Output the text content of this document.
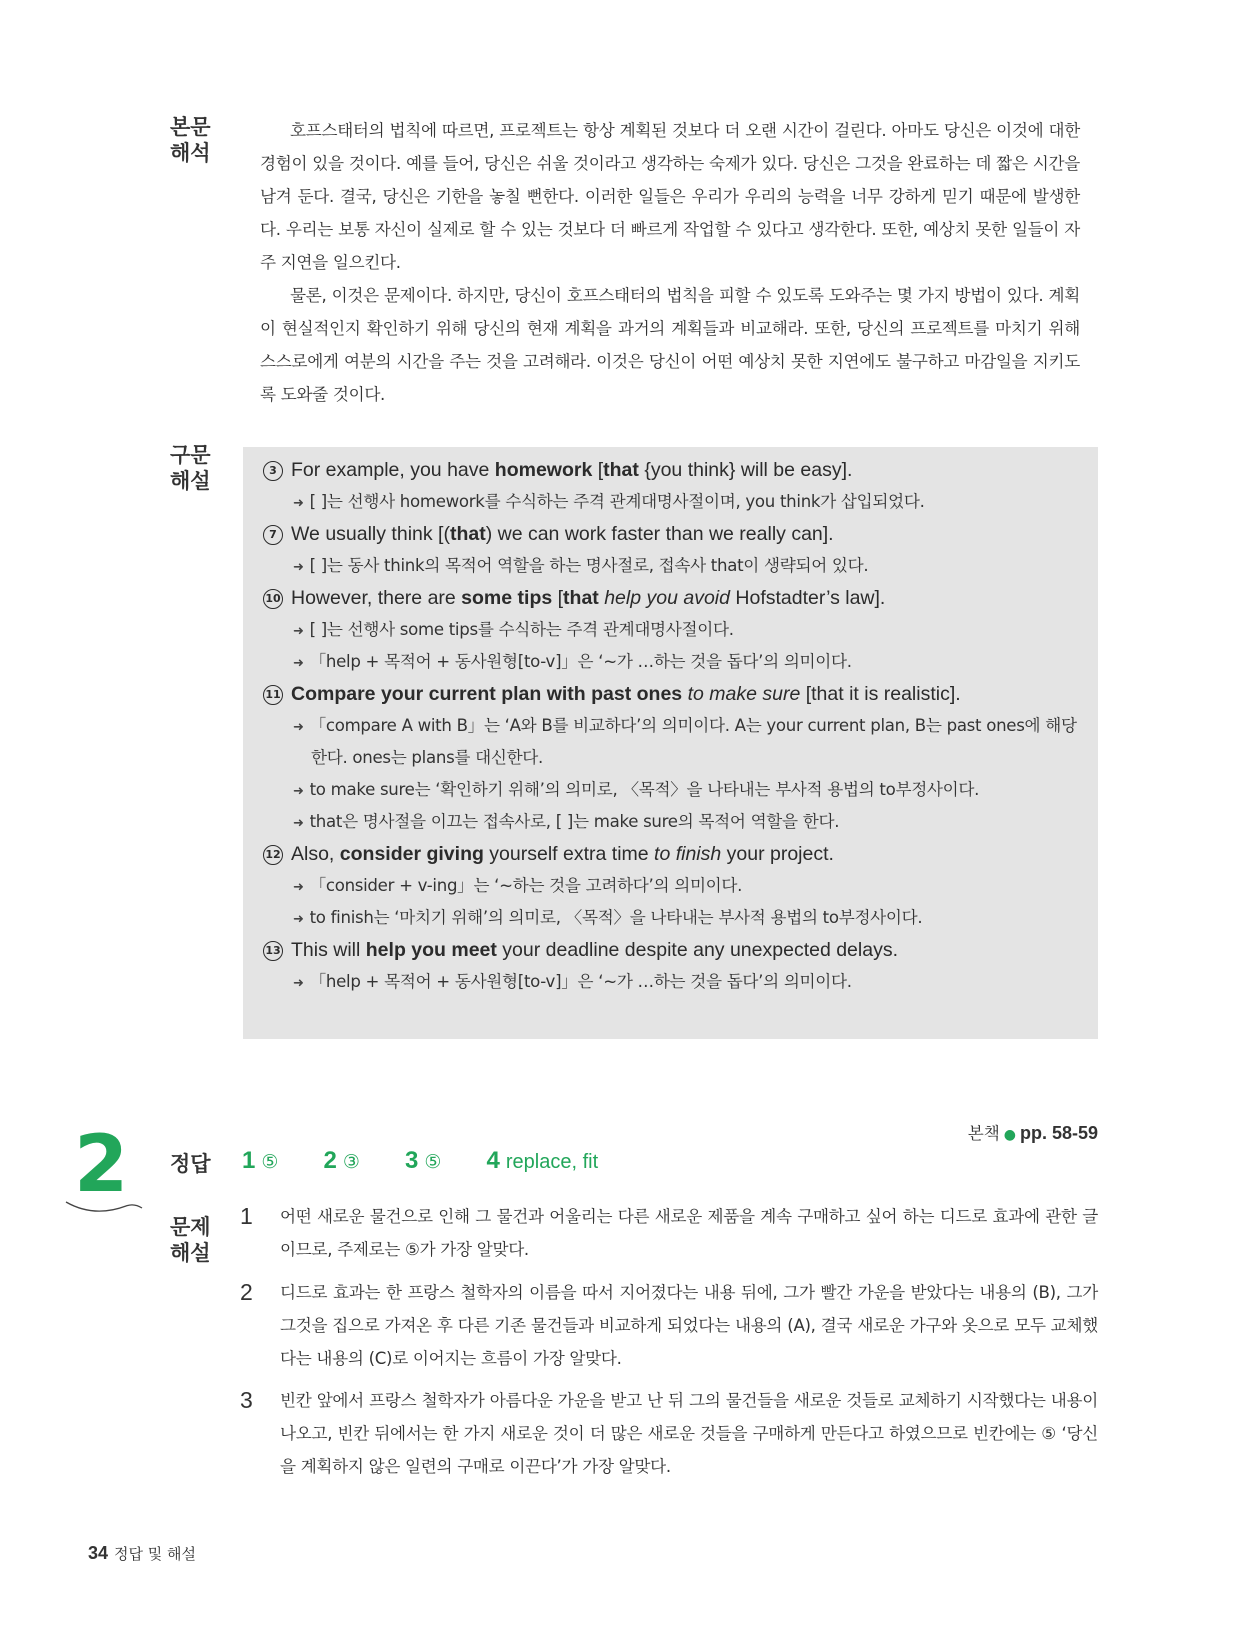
본문
해석

호프스태터의 법칙에 따르면, 프로젝트는 항상 계획된 것보다 더 오랜 시간이 걸린다. 아마도 당신은 이것에 대한 경험이 있을 것이다. 예를 들어, 당신은 쉬울 것이라고 생각하는 숙제가 있다. 당신은 그것을 완료하는 데 짧은 시간을 남겨 둔다. 결국, 당신은 기한을 놓칠 뻔한다. 이러한 일들은 우리가 우리의 능력을 너무 강하게 믿기 때문에 발생한다. 우리는 보통 자신이 실제로 할 수 있는 것보다 더 빠르게 작업할 수 있다고 생각한다. 또한, 예상치 못한 일들이 자주 지연을 일으킨다.

물론, 이것은 문제이다. 하지만, 당신이 호프스태터의 법칙을 피할 수 있도록 도와주는 몇 가지 방법이 있다. 계획이 현실적인지 확인하기 위해 당신의 현재 계획을 과거의 계획들과 비교해라. 또한, 당신의 프로젝트를 마치기 위해 스스로에게 여분의 시간을 주는 것을 고려해라. 이것은 당신이 어떤 예상치 못한 지연에도 불구하고 마감일을 지키도록 도와줄 것이다.

구문
해설	3 For example, you have homework [that {you think} will be easy].
➜ [ ]는 선행사 homework를 수식하는 주격 관계대명사절이며, you think가 삽입되었다.
7 We usually think [(that) we can work faster than we really can].
➜ [ ]는 동사 think의 목적어 역할을 하는 명사절로, 접속사 that이 생략되어 있다.
10 However, there are some tips [that help you avoid Hofstadter’s law].
➜ [ ]는 선행사 some tips를 수식하는 주격 관계대명사절이다.
➜ 「help + 목적어 + 동사원형[to-v]」은 ‘~가 …하는 것을 돕다’의 의미이다.
11 Compare your current plan with past ones to make sure [that it is realistic].
➜ 「compare A with B」는 ‘A와 B를 비교하다’의 의미이다. A는 your current plan, B는 past ones에 해당
한다. ones는 plans를 대신한다.
➜ to make sure는 ‘확인하기 위해’의 의미로, 〈목적〉을 나타내는 부사적 용법의 to부정사이다.
➜ that은 명사절을 이끄는 접속사로, [ ]는 make sure의 목적어 역할을 한다.
12 Also, consider giving yourself extra time to finish your project.
➜ 「consider + v-ing」는 ‘~하는 것을 고려하다’의 의미이다.
➜ to finish는 ‘마치기 위해’의 의미로, 〈목적〉을 나타내는 부사적 용법의 to부정사이다.
13 This will help you meet your deadline despite any unexpected delays.
➜ 「help + 목적어 + 동사원형[to-v]」은 ‘~가 …하는 것을 돕다’의 의미이다.
2	본책 ● pp. 58-59
정답	1 ⑤ 2 ③ 3 ⑤ 4 replace, fit
문제
해설
1 어떤 새로운 물건으로 인해 그 물건과 어울리는 다른 새로운 제품을 계속 구매하고 싶어 하는 디드로 효과에 관한 글이므로, 주제로는 ⑤가 가장 알맞다.
2 디드로 효과는 한 프랑스 철학자의 이름을 따서 지어졌다는 내용 뒤에, 그가 빨간 가운을 받았다는 내용의 (B), 그가 그것을 집으로 가져온 후 다른 기존 물건들과 비교하게 되었다는 내용의 (A), 결국 새로운 가구와 옷으로 모두 교체했다는 내용의 (C)로 이어지는 흐름이 가장 알맞다.
3 빈칸 앞에서 프랑스 철학자가 아름다운 가운을 받고 난 뒤 그의 물건들을 새로운 것들로 교체하기 시작했다는 내용이 나오고, 빈칸 뒤에서는 한 가지 새로운 것이 더 많은 새로운 것들을 구매하게 만든다고 하였으므로 빈칸에는 ⑤ ‘당신을 계획하지 않은 일련의 구매로 이끈다’가 가장 알맞다.
34 정답 및 해설
